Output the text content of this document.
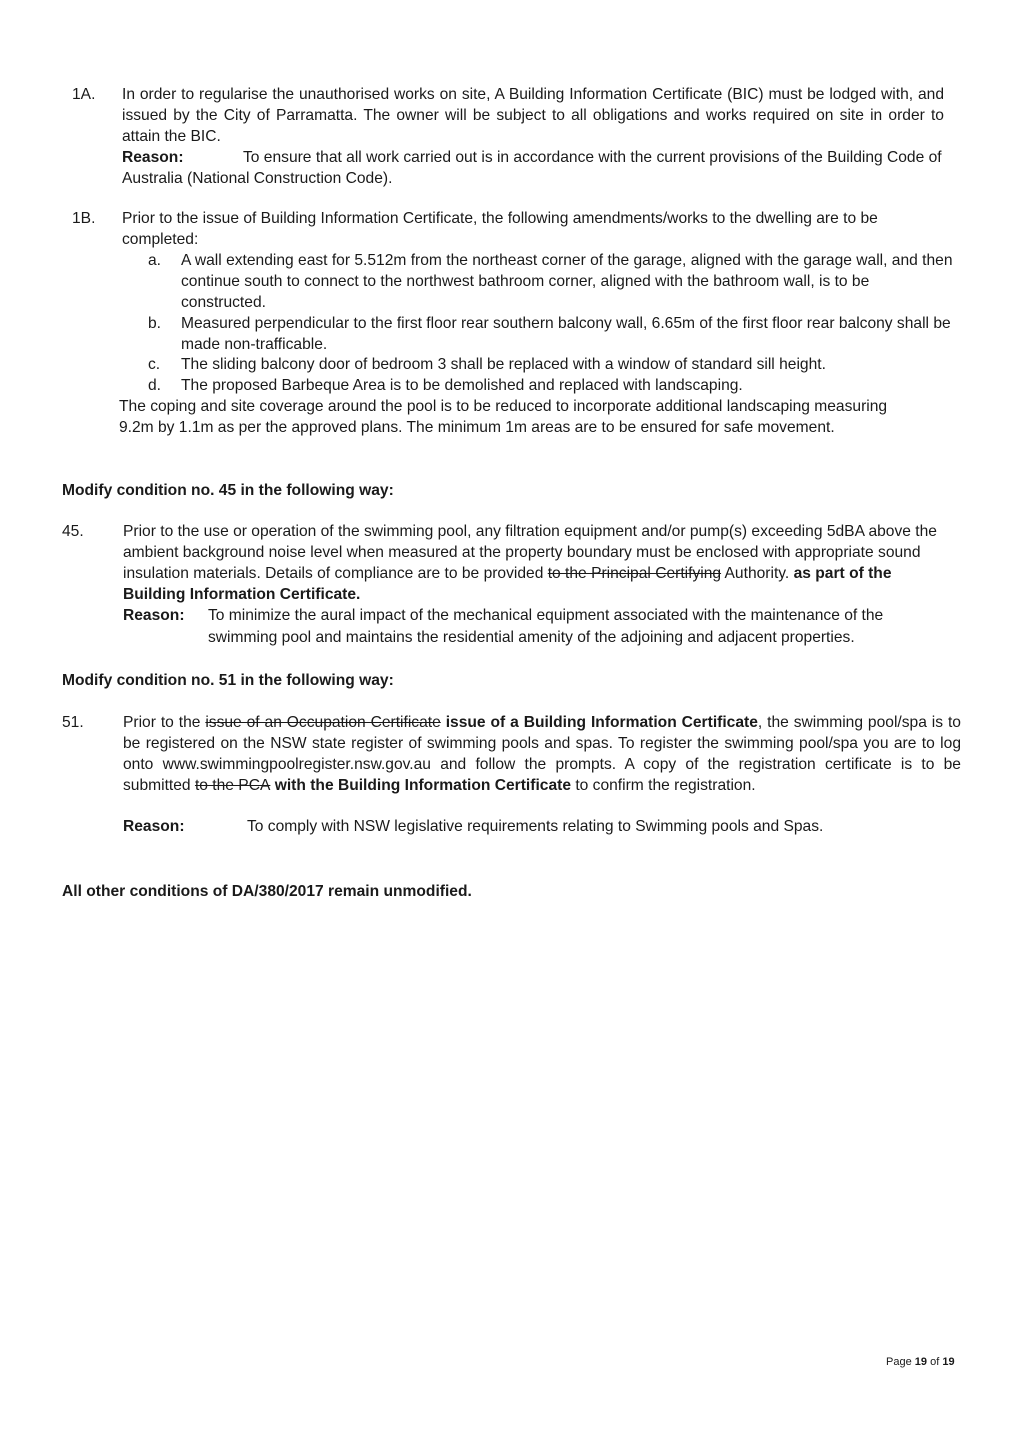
1A. In order to regularise the unauthorised works on site, A Building Information Certificate (BIC) must be lodged with, and issued by the City of Parramatta. The owner will be subject to all obligations and works required on site in order to attain the BIC.
Reason:	To ensure that all work carried out is in accordance with the current provisions of the Building Code of Australia (National Construction Code).
1B. Prior to the issue of Building Information Certificate, the following amendments/works to the dwelling are to be completed:
a. A wall extending east for 5.512m from the northeast corner of the garage, aligned with the garage wall, and then continue south to connect to the northwest bathroom corner, aligned with the bathroom wall, is to be constructed.
b. Measured perpendicular to the first floor rear southern balcony wall, 6.65m of the first floor rear balcony shall be made non-trafficable.
c. The sliding balcony door of bedroom 3 shall be replaced with a window of standard sill height.
d. The proposed Barbeque Area is to be demolished and replaced with landscaping.
The coping and site coverage around the pool is to be reduced to incorporate additional landscaping measuring 9.2m by 1.1m as per the approved plans. The minimum 1m areas are to be ensured for safe movement.
Modify condition no. 45 in the following way:
45.	Prior to the use or operation of the swimming pool, any filtration equipment and/or pump(s) exceeding 5dBA above the ambient background noise level when measured at the property boundary must be enclosed with appropriate sound insulation materials. Details of compliance are to be provided to the Principal Certifying Authority. as part of the Building Information Certificate.
Reason: To minimize the aural impact of the mechanical equipment associated with the maintenance of the
swimming pool and maintains the residential amenity of the adjoining and adjacent properties.
Modify condition no. 51 in the following way:
51.	Prior to the issue of an Occupation Certificate issue of a Building Information Certificate, the swimming pool/spa is to be registered on the NSW state register of swimming pools and spas. To register the swimming pool/spa you are to log onto www.swimmingpoolregister.nsw.gov.au and follow the prompts. A copy of the registration certificate is to be submitted to the PCA with the Building Information Certificate to confirm the registration.
Reason:	To comply with NSW legislative requirements relating to Swimming pools and Spas.
All other conditions of DA/380/2017 remain unmodified.
Page 19 of 19
